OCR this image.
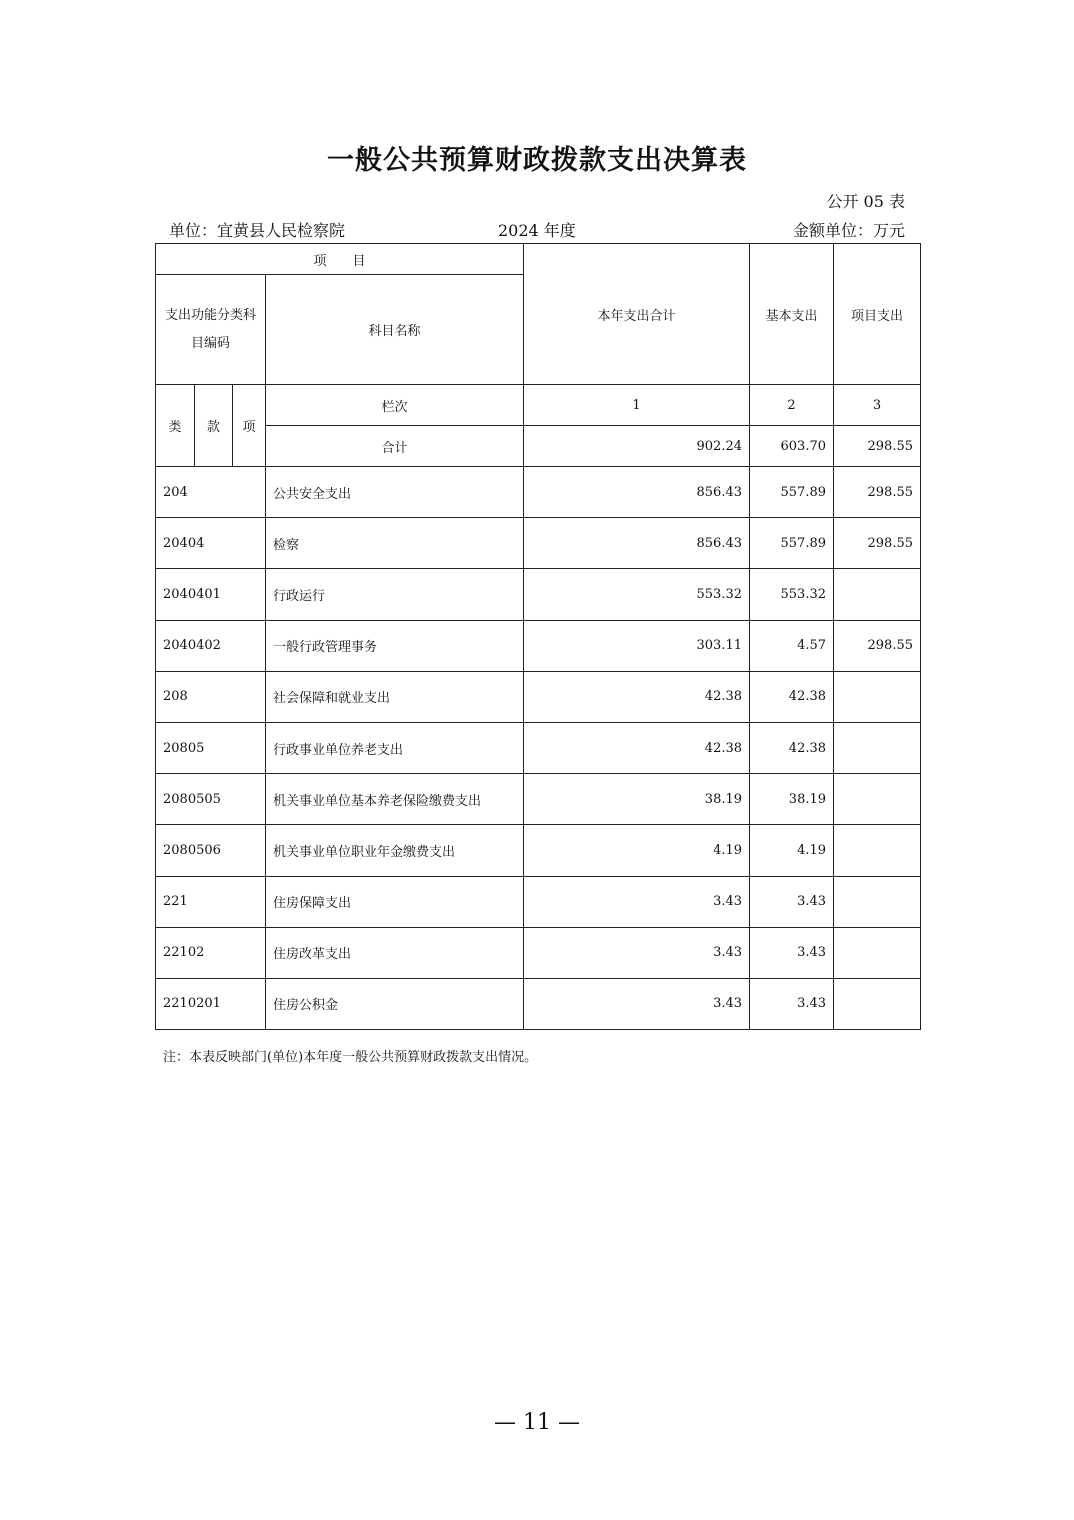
一般公共预算财政拨款支出决算表
公开 05 表
单位：宜黄县人民检察院	2024 年度	金额单位：万元
项　　目				本年支出合计	基本支出	项目支出
支出功能分类科目编码			科目名称			
类	款	项	栏次	1	2	3
			合计	902.24	603.70	298.55
204			公共安全支出	856.43	557.89	298.55
20404			检察	856.43	557.89	298.55
2040401			行政运行	553.32	553.32	
2040402			一般行政管理事务	303.11	4.57	298.55
208			社会保障和就业支出	42.38	42.38	
20805			行政事业单位养老支出	42.38	42.38	
2080505			机关事业单位基本养老保险缴费支出	38.19	38.19	
2080506			机关事业单位职业年金缴费支出	4.19	4.19	
221			住房保障支出	3.43	3.43	
22102			住房改革支出	3.43	3.43	
2210201			住房公积金	3.43	3.43	
注：本表反映部门(单位)本年度一般公共预算财政拨款支出情况。
— 11 —
